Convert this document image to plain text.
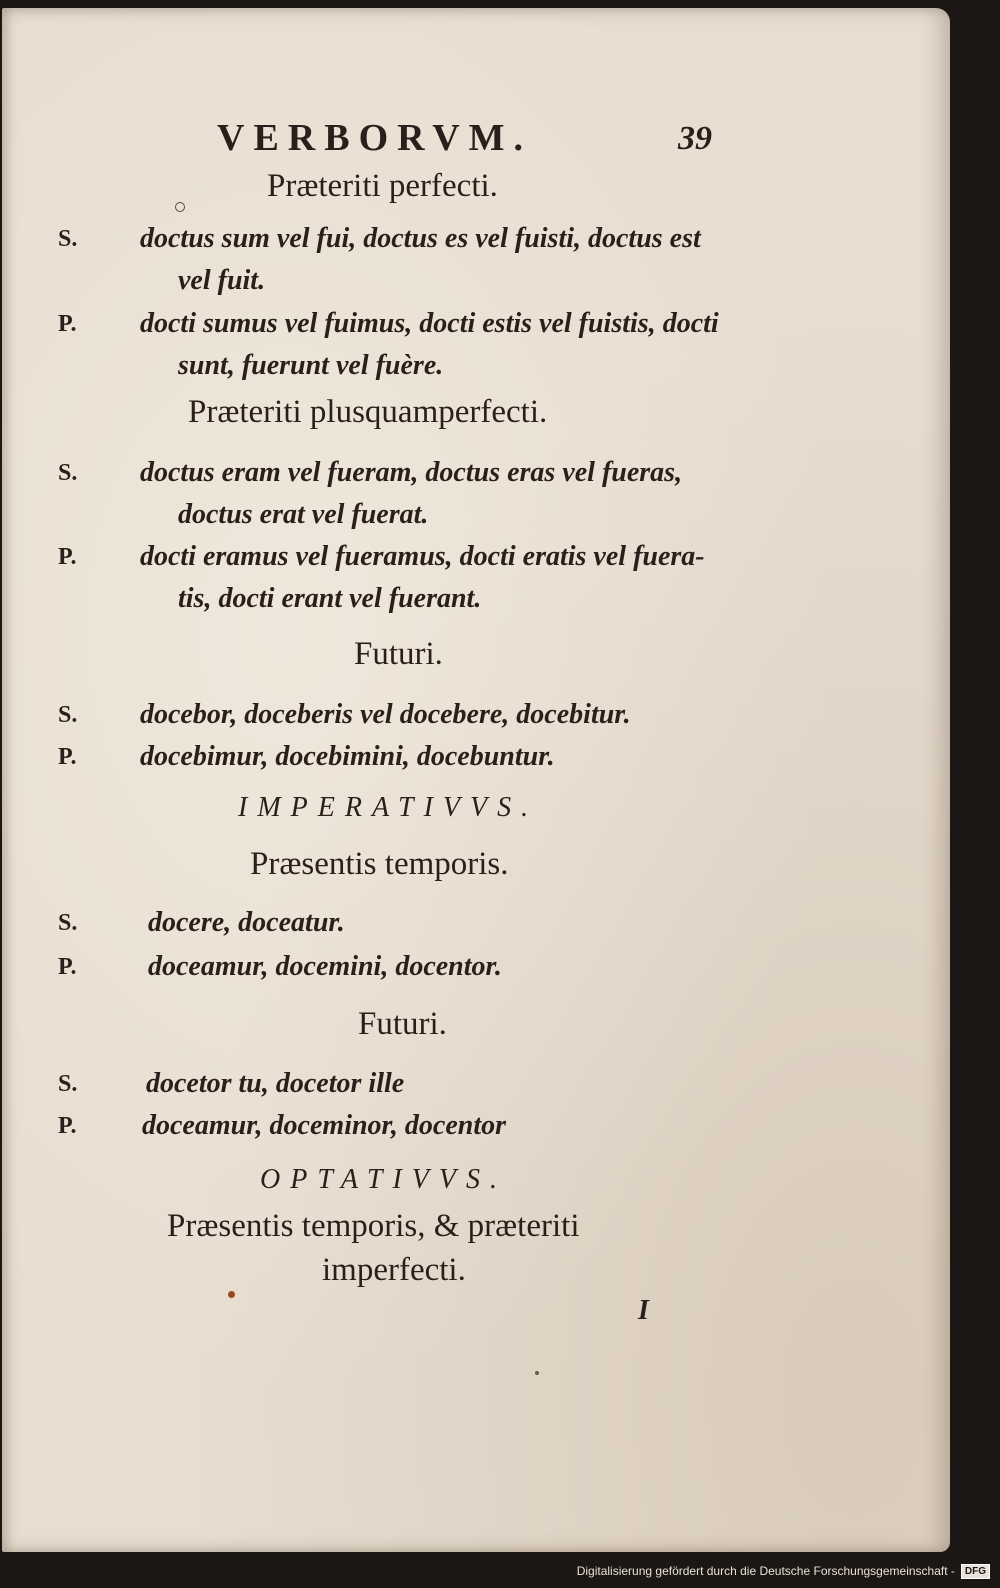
VERBORVM.	39
Præteriti perfecti.
S.	doctus sum vel fui, doctus es vel fuisti, doctus est
vel fuit.
P.	docti sumus vel fuimus, docti estis vel fuistis, docti
sunt, fuerunt vel fuère.
Præteriti plusquamperfecti.
S.	doctus eram vel fueram, doctus eras vel fueras,
doctus erat vel fuerat.
P.	docti eramus vel fueramus, docti eratis vel fuera-
tis, docti erant vel fuerant.
Futuri.
S.	docebor, doceberis vel docebere, docebitur.
P.	docebimur, docebimini, docebuntur.
IMPERATIVVS.
Præsentis temporis.
S.	docere, doceatur.
P.	doceamur, docemini, docentor.
Futuri.
S.	docetor tu, docetor ille
P.	doceamur, doceminor, docentor
OPTATIVVS.
Præsentis temporis, & præteriti
imperfecti.
I
Digitalisierung gefördert durch die Deutsche Forschungsgemeinschaft -	DFG
